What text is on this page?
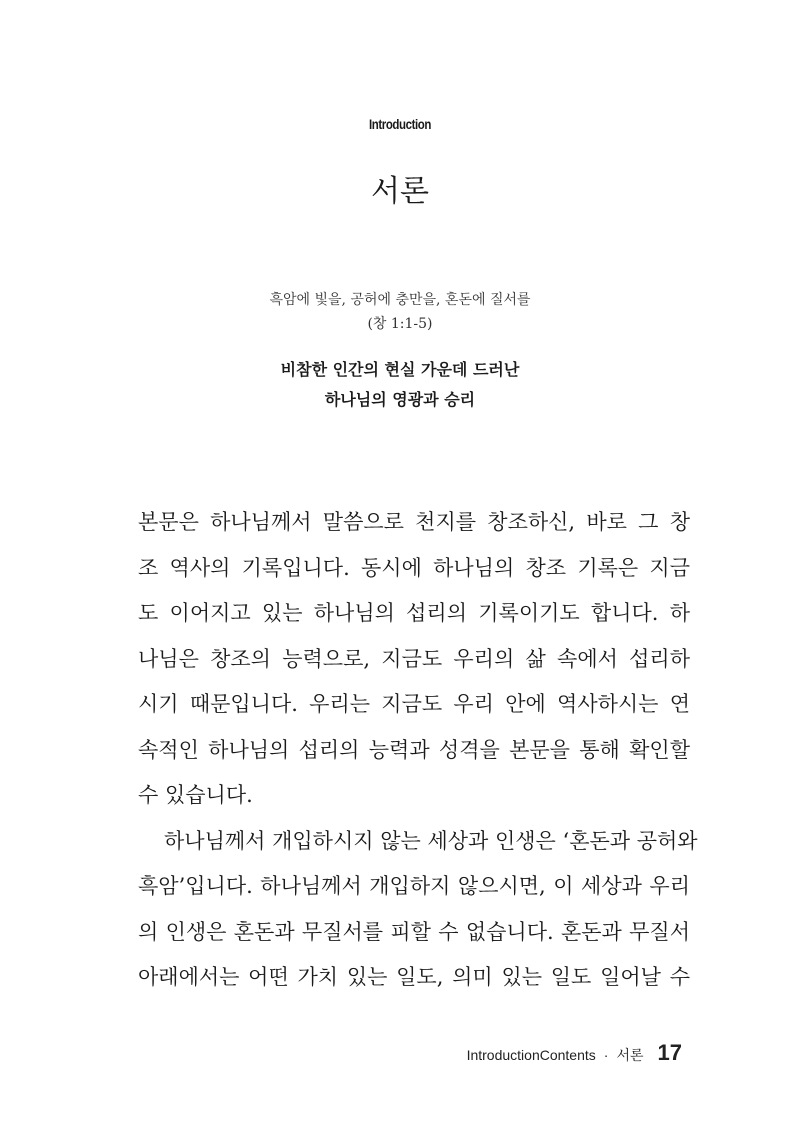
Introduction
서론
흑암에 빛을, 공허에 충만을, 혼돈에 질서를
(창 1:1-5)
비참한 인간의 현실 가운데 드러난
하나님의 영광과 승리
본문은 하나님께서 말씀으로 천지를 창조하신, 바로 그 창
조 역사의 기록입니다. 동시에 하나님의 창조 기록은 지금
도 이어지고 있는 하나님의 섭리의 기록이기도 합니다. 하
나님은 창조의 능력으로, 지금도 우리의 삶 속에서 섭리하
시기 때문입니다. 우리는 지금도 우리 안에 역사하시는 연
속적인 하나님의 섭리의 능력과 성격을 본문을 통해 확인할
수 있습니다.
하나님께서 개입하시지 않는 세상과 인생은 ‘혼돈과 공허와
흑암’입니다. 하나님께서 개입하지 않으시면, 이 세상과 우리
의 인생은 혼돈과 무질서를 피할 수 없습니다. 혼돈과 무질서
아래에서는 어떤 가치 있는 일도, 의미 있는 일도 일어날 수
IntroductionContents · 서론 17
